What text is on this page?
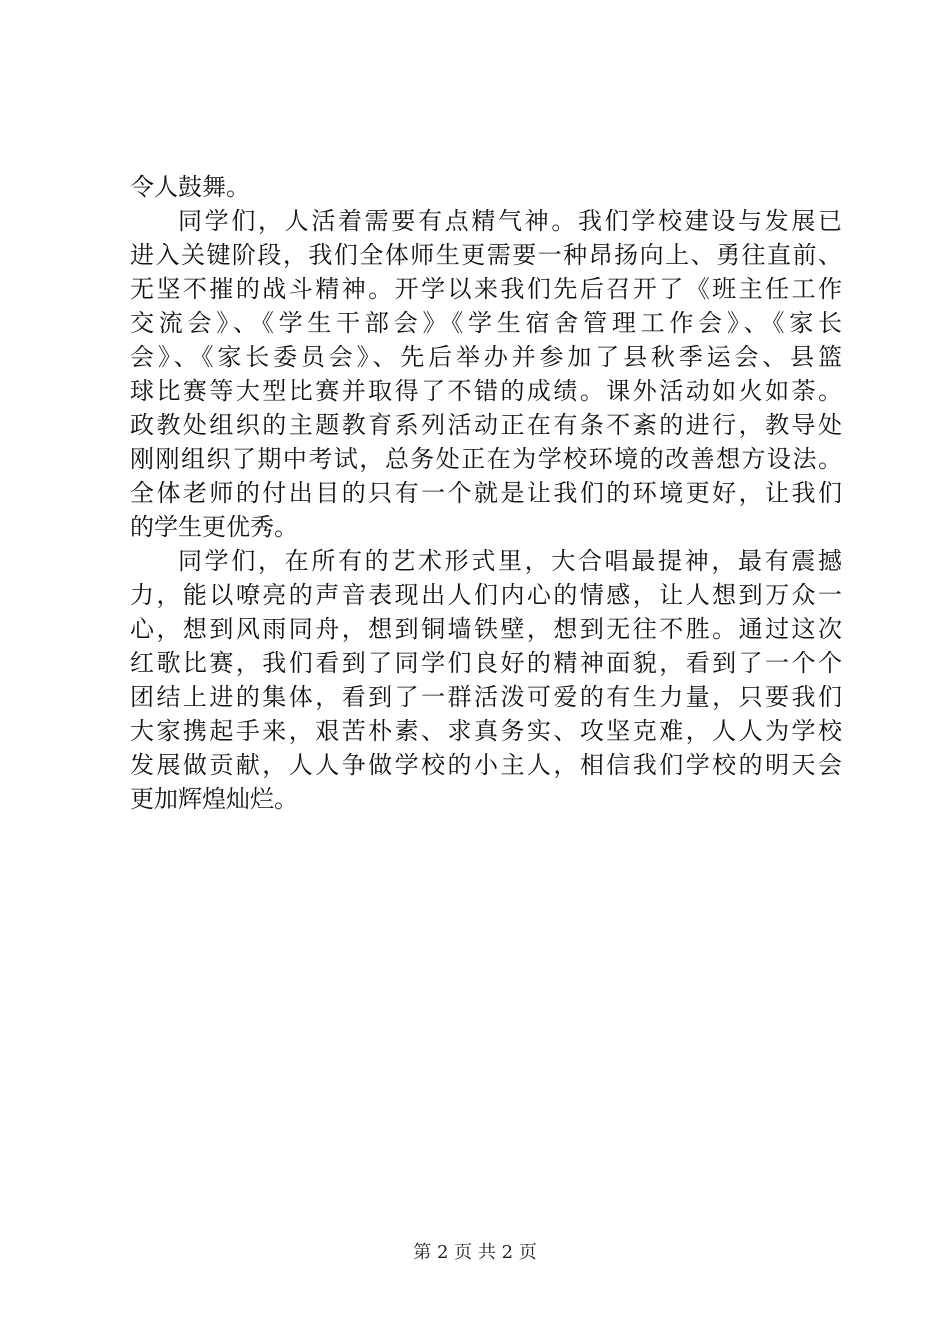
令人鼓舞。
同学们，人活着需要有点精气神。我们学校建设与发展已
进入关键阶段，我们全体师生更需要一种昂扬向上、勇往直前、
无坚不摧的战斗精神。开学以来我们先后召开了《班主任工作
交流会》、《学生干部会》《学生宿舍管理工作会》、《家长
会》、《家长委员会》、先后举办并参加了县秋季运会、县篮
球比赛等大型比赛并取得了不错的成绩。课外活动如火如荼。
政教处组织的主题教育系列活动正在有条不紊的进行，教导处
刚刚组织了期中考试，总务处正在为学校环境的改善想方设法。
全体老师的付出目的只有一个就是让我们的环境更好，让我们
的学生更优秀。
同学们，在所有的艺术形式里，大合唱最提神，最有震撼
力，能以嘹亮的声音表现出人们内心的情感，让人想到万众一
心，想到风雨同舟，想到铜墙铁壁，想到无往不胜。通过这次
红歌比赛，我们看到了同学们良好的精神面貌，看到了一个个
团结上进的集体，看到了一群活泼可爱的有生力量，只要我们
大家携起手来，艰苦朴素、求真务实、攻坚克难，人人为学校
发展做贡献，人人争做学校的小主人，相信我们学校的明天会
更加辉煌灿烂。
第 2 页 共 2 页
